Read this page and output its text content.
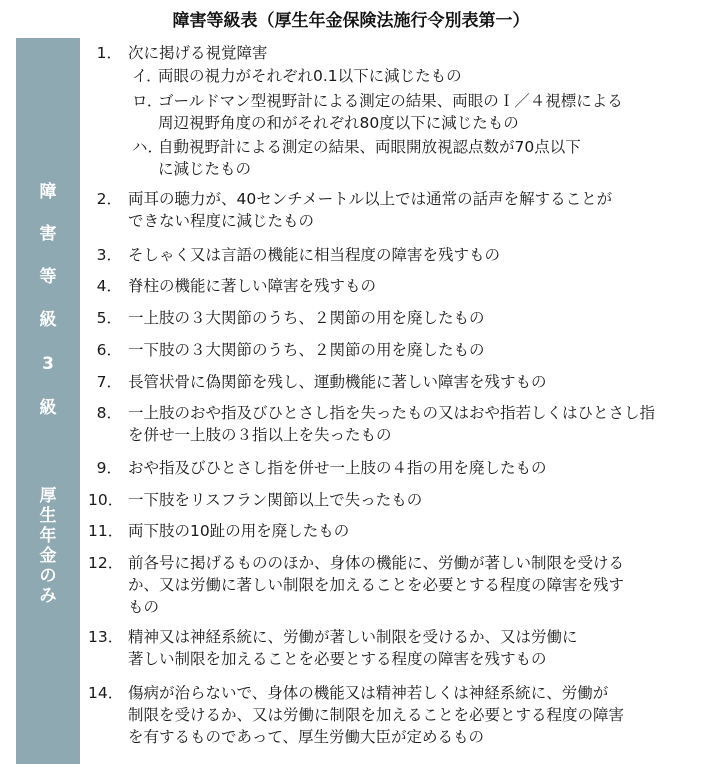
障害等級表（厚生年金保険法施行令別表第一）
障
害
等
級
3
級
厚
生
年
金
の
み
1． 次に掲げる視覚障害
イ．
両眼の視力がそれぞれ0.1以下に減じたもの
ロ．
ゴールドマン型視野計による測定の結果、両眼のＩ／４視標による
周辺視野角度の和がそれぞれ80度以下に減じたもの
ハ．
自動視野計による測定の結果、両眼開放視認点数が70点以下
に減じたもの
2． 両耳の聴力が、40センチメートル以上では通常の話声を解することが
できない程度に減じたもの
3． そしゃく又は言語の機能に相当程度の障害を残すもの
4． 脊柱の機能に著しい障害を残すもの
5． 一上肢の３大関節のうち、２関節の用を廃したもの
6． 一下肢の３大関節のうち、２関節の用を廃したもの
7． 長管状骨に偽関節を残し、運動機能に著しい障害を残すもの
8． 一上肢のおや指及びひとさし指を失ったもの又はおや指若しくはひとさし指
を併せ一上肢の３指以上を失ったもの
9． おや指及びひとさし指を併せ一上肢の４指の用を廃したもの
10． 一下肢をリスフラン関節以上で失ったもの
11． 両下肢の10趾の用を廃したもの
12． 前各号に掲げるもののほか、身体の機能に、労働が著しい制限を受ける
か、又は労働に著しい制限を加えることを必要とする程度の障害を残す
もの
13． 精神又は神経系統に、労働が著しい制限を受けるか、又は労働に
著しい制限を加えることを必要とする程度の障害を残すもの
14． 傷病が治らないで、身体の機能又は精神若しくは神経系統に、労働が
制限を受けるか、又は労働に制限を加えることを必要とする程度の障害
を有するものであって、厚生労働大臣が定めるもの
